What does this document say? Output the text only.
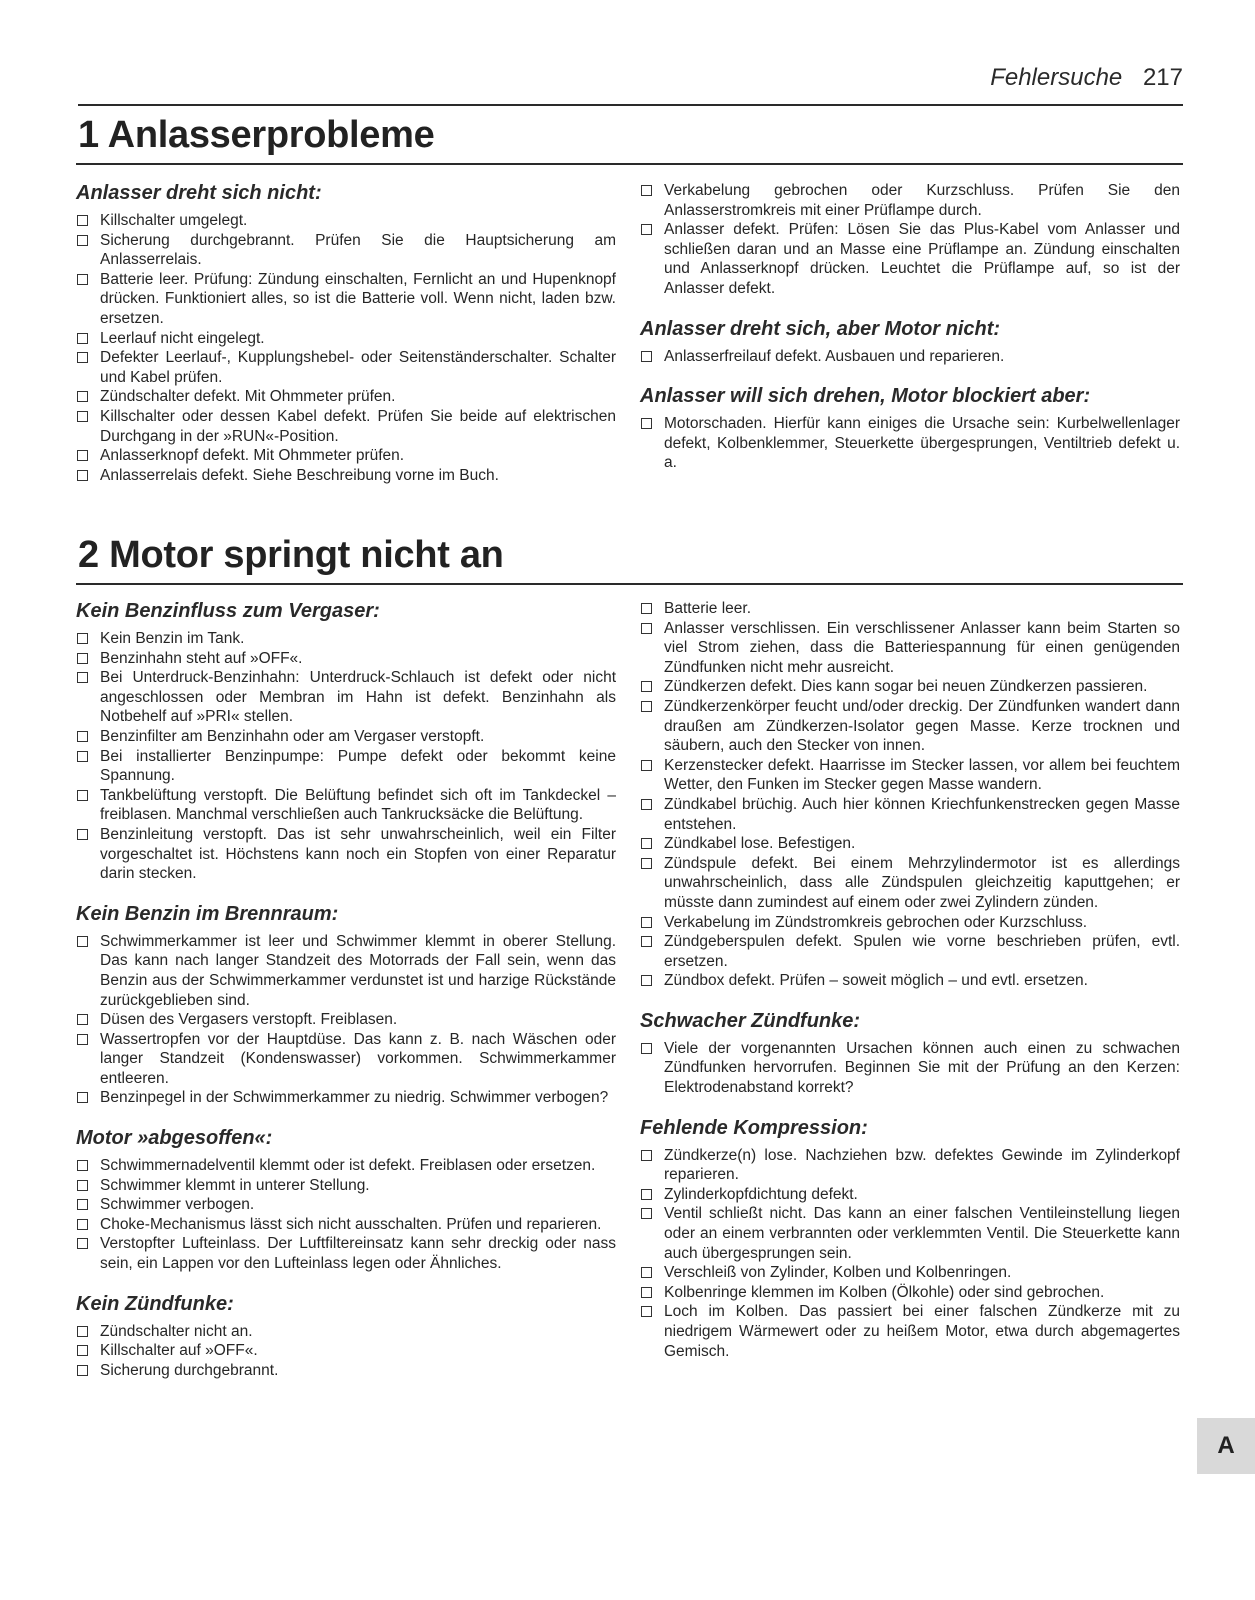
Fehlersuche 217
1 Anlasserprobleme
Anlasser dreht sich nicht:
Killschalter umgelegt.
Sicherung durchgebrannt. Prüfen Sie die Hauptsicherung am Anlasserrelais.
Batterie leer. Prüfung: Zündung einschalten, Fernlicht an und Hupenknopf drücken. Funktioniert alles, so ist die Batterie voll. Wenn nicht, laden bzw. ersetzen.
Leerlauf nicht eingelegt.
Defekter Leerlauf-, Kupplungshebel- oder Seitenständerschalter. Schalter und Kabel prüfen.
Zündschalter defekt. Mit Ohmmeter prüfen.
Killschalter oder dessen Kabel defekt. Prüfen Sie beide auf elektrischen Durchgang in der »RUN«-Position.
Anlasserknopf defekt. Mit Ohmmeter prüfen.
Anlasserrelais defekt. Siehe Beschreibung vorne im Buch.
Verkabelung gebrochen oder Kurzschluss. Prüfen Sie den Anlasserstromkreis mit einer Prüflampe durch.
Anlasser defekt. Prüfen: Lösen Sie das Plus-Kabel vom Anlasser und schließen daran und an Masse eine Prüflampe an. Zündung einschalten und Anlasserknopf drücken. Leuchtet die Prüflampe auf, so ist der Anlasser defekt.
Anlasser dreht sich, aber Motor nicht:
Anlasserfreilauf defekt. Ausbauen und reparieren.
Anlasser will sich drehen, Motor blockiert aber:
Motorschaden. Hierfür kann einiges die Ursache sein: Kurbelwellenlager defekt, Kolbenklemmer, Steuerkette übergesprungen, Ventiltrieb defekt u. a.
2 Motor springt nicht an
Kein Benzinfluss zum Vergaser:
Kein Benzin im Tank.
Benzinhahn steht auf »OFF«.
Bei Unterdruck-Benzinhahn: Unterdruck-Schlauch ist defekt oder nicht angeschlossen oder Membran im Hahn ist defekt. Benzinhahn als Notbehelf auf »PRI« stellen.
Benzinfilter am Benzinhahn oder am Vergaser verstopft.
Bei installierter Benzinpumpe: Pumpe defekt oder bekommt keine Spannung.
Tankbelüftung verstopft. Die Belüftung befindet sich oft im Tankdeckel – freiblasen. Manchmal verschließen auch Tankrucksäcke die Belüftung.
Benzinleitung verstopft. Das ist sehr unwahrscheinlich, weil ein Filter vorgeschaltet ist. Höchstens kann noch ein Stopfen von einer Reparatur darin stecken.
Kein Benzin im Brennraum:
Schwimmerkammer ist leer und Schwimmer klemmt in oberer Stellung. Das kann nach langer Standzeit des Motorrads der Fall sein, wenn das Benzin aus der Schwimmerkammer verdunstet ist und harzige Rückstände zurückgeblieben sind.
Düsen des Vergasers verstopft. Freiblasen.
Wassertropfen vor der Hauptdüse. Das kann z. B. nach Wäschen oder langer Standzeit (Kondenswasser) vorkommen. Schwimmerkammer entleeren.
Benzinpegel in der Schwimmerkammer zu niedrig. Schwimmer verbogen?
Motor »abgesoffen«:
Schwimmernadelventil klemmt oder ist defekt. Freiblasen oder ersetzen.
Schwimmer klemmt in unterer Stellung.
Schwimmer verbogen.
Choke-Mechanismus lässt sich nicht ausschalten. Prüfen und reparieren.
Verstopfter Lufteinlass. Der Luftfiltereinsatz kann sehr dreckig oder nass sein, ein Lappen vor den Lufteinlass legen oder Ähnliches.
Kein Zündfunke:
Zündschalter nicht an.
Killschalter auf »OFF«.
Sicherung durchgebrannt.
Batterie leer.
Anlasser verschlissen. Ein verschlissener Anlasser kann beim Starten so viel Strom ziehen, dass die Batteriespannung für einen genügenden Zündfunken nicht mehr ausreicht.
Zündkerzen defekt. Dies kann sogar bei neuen Zündkerzen passieren.
Zündkerzenkörper feucht und/oder dreckig. Der Zündfunken wandert dann draußen am Zündkerzen-Isolator gegen Masse. Kerze trocknen und säubern, auch den Stecker von innen.
Kerzenstecker defekt. Haarrisse im Stecker lassen, vor allem bei feuchtem Wetter, den Funken im Stecker gegen Masse wandern.
Zündkabel brüchig. Auch hier können Kriechfunkenstrecken gegen Masse entstehen.
Zündkabel lose. Befestigen.
Zündspule defekt. Bei einem Mehrzylindermotor ist es allerdings unwahrscheinlich, dass alle Zündspulen gleichzeitig kaputtgehen; er müsste dann zumindest auf einem oder zwei Zylindern zünden.
Verkabelung im Zündstromkreis gebrochen oder Kurzschluss.
Zündgeberspulen defekt. Spulen wie vorne beschrieben prüfen, evtl. ersetzen.
Zündbox defekt. Prüfen – soweit möglich – und evtl. ersetzen.
Schwacher Zündfunke:
Viele der vorgenannten Ursachen können auch einen zu schwachen Zündfunken hervorrufen. Beginnen Sie mit der Prüfung an den Kerzen: Elektrodenabstand korrekt?
Fehlende Kompression:
Zündkerze(n) lose. Nachziehen bzw. defektes Gewinde im Zylinderkopf reparieren.
Zylinderkopfdichtung defekt.
Ventil schließt nicht. Das kann an einer falschen Ventileinstellung liegen oder an einem verbrannten oder verklemmten Ventil. Die Steuerkette kann auch übergesprungen sein.
Verschleiß von Zylinder, Kolben und Kolbenringen.
Kolbenringe klemmen im Kolben (Ölkohle) oder sind gebrochen.
Loch im Kolben. Das passiert bei einer falschen Zündkerze mit zu niedrigem Wärmewert oder zu heißem Motor, etwa durch abgemagertes Gemisch.
A
